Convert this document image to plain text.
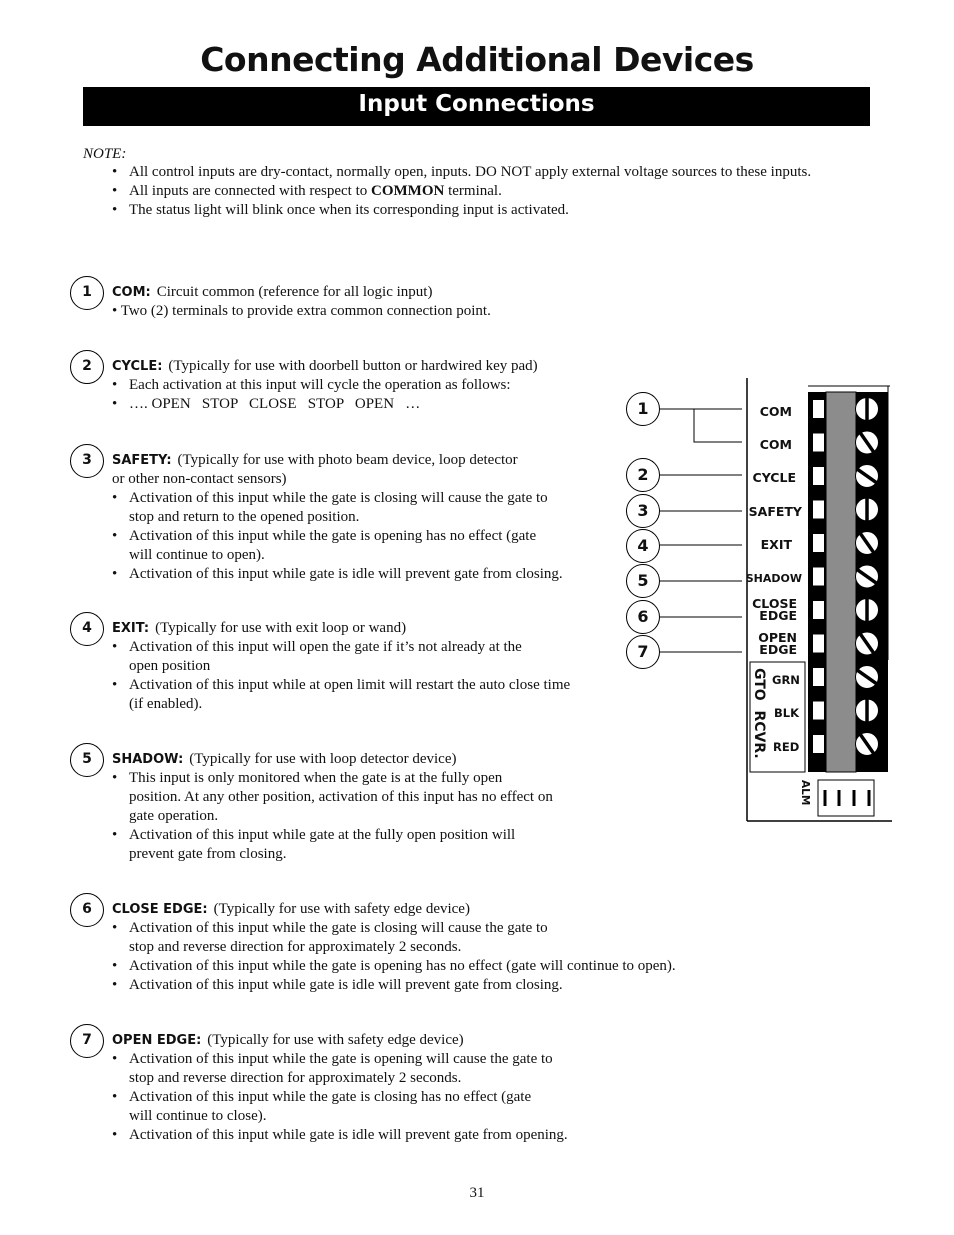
Connecting Additional Devices
Input Connections
NOTE:
• All control inputs are dry-contact, normally open, inputs. DO NOT apply external voltage sources to these inputs.
• All inputs are connected with respect to COMMON terminal.
• The status light will blink once when its corresponding input is activated.
1	COM: Circuit common (reference for all logic input)
• Two (2) terminals to provide extra common connection point.
2	CYCLE: (Typically for use with doorbell button or hardwired key pad)
• Each activation at this input will cycle the operation as follows:
• …. OPEN   STOP   CLOSE   STOP   OPEN   …
3	SAFETY: (Typically for use with photo beam device, loop detector
or other non-contact sensors)
• Activation of this input while the gate is closing will cause the gate to
stop and return to the opened position.
• Activation of this input while the gate is opening has no effect (gate
will continue to open).
• Activation of this input while gate is idle will prevent gate from closing.
4	EXIT: (Typically for use with exit loop or wand)
• Activation of this input will open the gate if it’s not already at the
open position
• Activation of this input while at open limit will restart the auto close time
(if enabled).
5	SHADOW: (Typically for use with loop detector device)
• This input is only monitored when the gate is at the fully open
position. At any other position, activation of this input has no effect on
gate operation.
• Activation of this input while gate at the fully open position will
prevent gate from closing.
6	CLOSE EDGE: (Typically for use with safety edge device)
• Activation of this input while the gate is closing will cause the gate to
stop and reverse direction for approximately 2 seconds.
• Activation of this input while the gate is opening has no effect (gate will continue to open).
• Activation of this input while gate is idle will prevent gate from closing.
7	OPEN EDGE: (Typically for use with safety edge device)
• Activation of this input while the gate is opening will cause the gate to
stop and reverse direction for approximately 2 seconds.
• Activation of this input while the gate is closing has no effect (gate
will continue to close).
• Activation of this input while gate is idle will prevent gate from opening.
1
2
3
4
5
6
7
COM
COM
CYCLE
SAFETY
EXIT
SHADOW
CLOSE
EDGE
OPEN
EDGE
GRN
BLK
RED
GTO  RCVR.
ALM
31
